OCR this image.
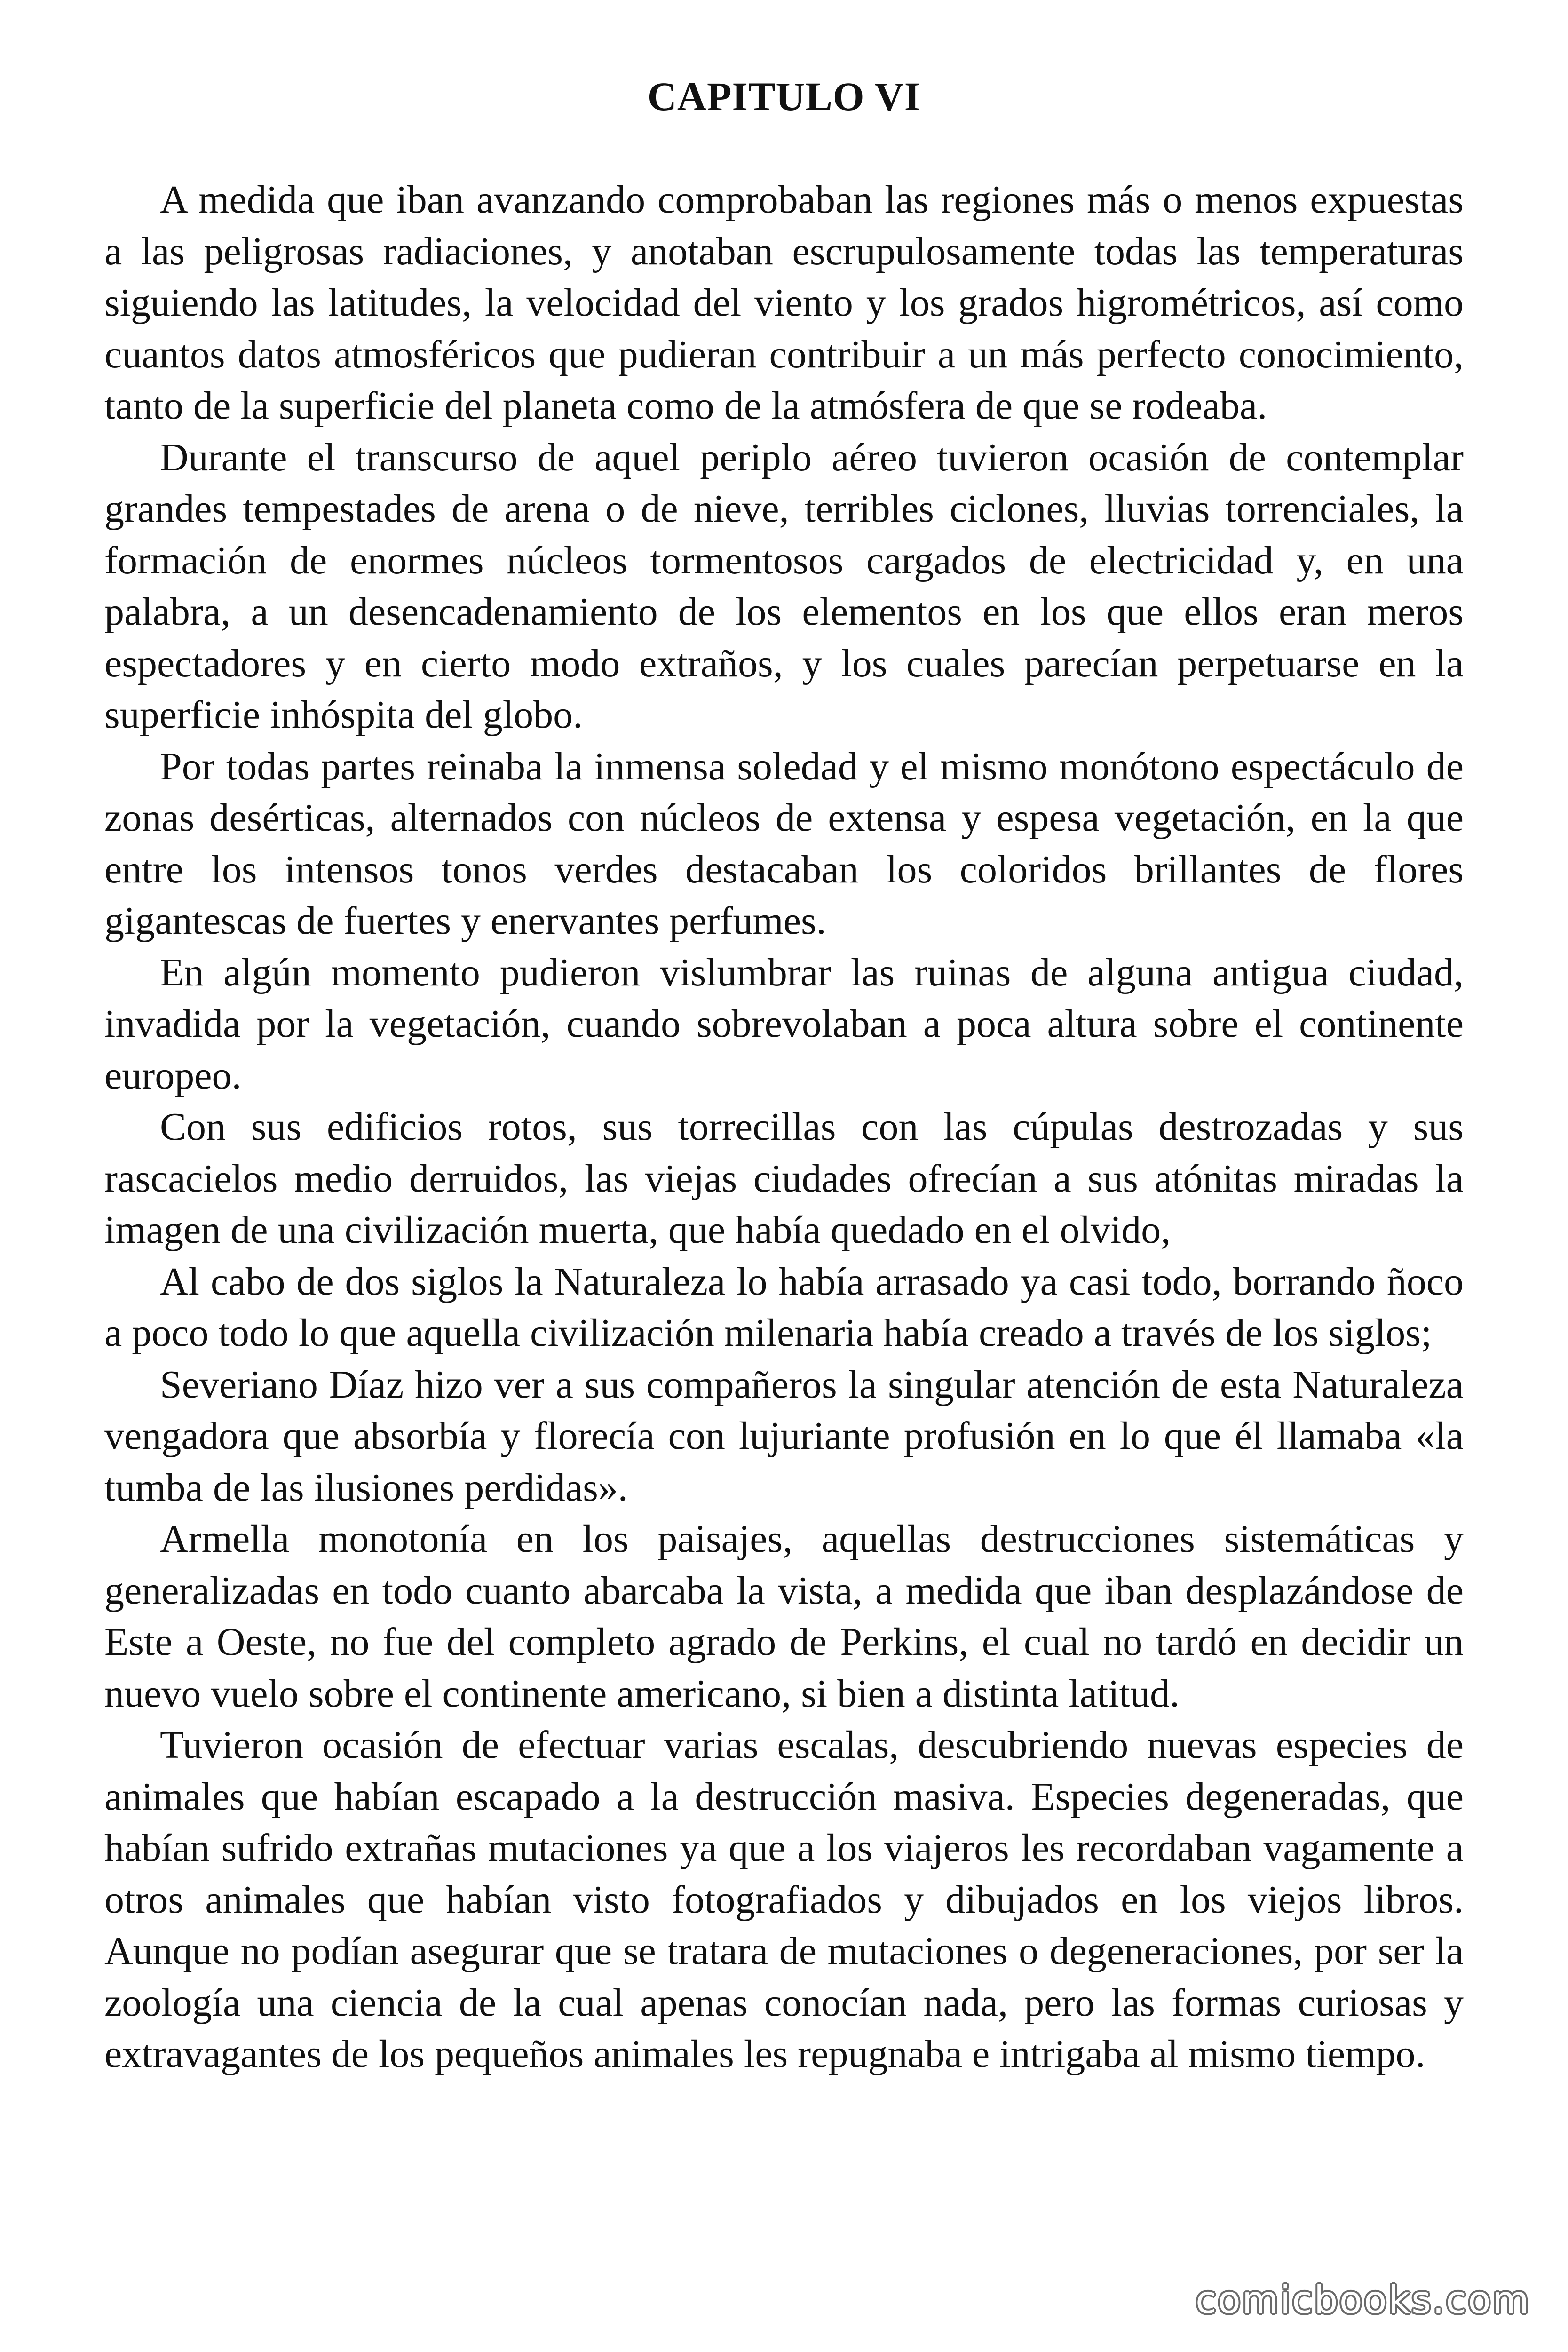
CAPITULO VI

A medida que iban avanzando comprobaban las regiones más o menos expuestas a las peligrosas radiaciones, y anotaban escrupulosamente todas las temperaturas siguiendo las latitudes, la velocidad del viento y los grados higrométricos, así como cuantos datos atmosféricos que pudieran contribuir a un más perfecto conocimiento, tanto de la superficie del planeta como de la atmósfera de que se rodeaba.

Durante el transcurso de aquel periplo aéreo tuvieron ocasión de contemplar grandes tempestades de arena o de nieve, terribles ciclones, lluvias torrenciales, la formación de enormes núcleos tormentosos cargados de electricidad y, en una palabra, a un desencadenamiento de los elementos en los que ellos eran meros espectadores y en cierto modo extraños, y los cuales parecían perpetuarse en la superficie inhóspita del globo.

Por todas partes reinaba la inmensa soledad y el mismo monótono espectáculo de zonas desérticas, alternados con núcleos de extensa y espesa vegetación, en la que entre los intensos tonos verdes destacaban los coloridos brillantes de flores gigantescas de fuertes y enervantes perfumes.

En algún momento pudieron vislumbrar las ruinas de alguna antigua ciudad, invadida por la vegetación, cuando sobrevolaban a poca altura sobre el continente europeo.

Con sus edificios rotos, sus torrecillas con las cúpulas destrozadas y sus rascacielos medio derruidos, las viejas ciudades ofrecían a sus atónitas miradas la imagen de una civilización muerta, que había quedado en el olvido,

Al cabo de dos siglos la Naturaleza lo había arrasado ya casi todo, borrando ñoco a poco todo lo que aquella civilización milenaria había creado a través de los siglos;

Severiano Díaz hizo ver a sus compañeros la singular atención de esta Naturaleza vengadora que absorbía y florecía con lujuriante profusión en lo que él llamaba «la tumba de las ilusiones perdidas».

Armella monotonía en los paisajes, aquellas destrucciones sistemáticas y generalizadas en todo cuanto abarcaba la vista, a medida que iban desplazándose de Este a Oeste, no fue del completo agrado de Perkins, el cual no tardó en decidir un nuevo vuelo sobre el continente americano, si bien a distinta latitud.

Tuvieron ocasión de efectuar varias escalas, descubriendo nuevas especies de animales que habían escapado a la destrucción masiva. Especies degeneradas, que habían sufrido extrañas mutaciones ya que a los viajeros les recordaban vagamente a otros animales que habían visto fotografiados y dibujados en los viejos libros. Aunque no podían asegurar que se tratara de mutaciones o degeneraciones, por ser la zoología una ciencia de la cual apenas conocían nada, pero las formas curiosas y extravagantes de los pequeños animales les repugnaba e intrigaba al mismo tiempo.

comicbooks.com
